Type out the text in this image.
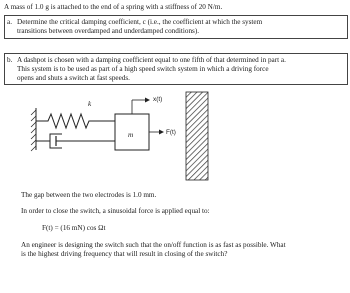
A mass of 1.0 g is attached to the end of a spring with a stiffness of 20 N/m.
a. Determine the critical damping coefficient, c (i.e., the coefficient at which the system
transitions between overdamped and underdamped conditions).
b. A dashpot is chosen with a damping coefficient equal to one fifth of that determined in part a.
This system is to be used as part of a high speed switch system in which a driving force
opens and shuts a switch at fast speeds.
k
m
x(t)
F(t)
The gap between the two electrodes is 1.0 mm.
In order to close the switch, a sinusoidal force is applied equal to:
F(t) = (16 mN) cos Ωt
An engineer is designing the switch such that the on/off function is as fast as possible. What
is the highest driving frequency that will result in closing of the switch?
